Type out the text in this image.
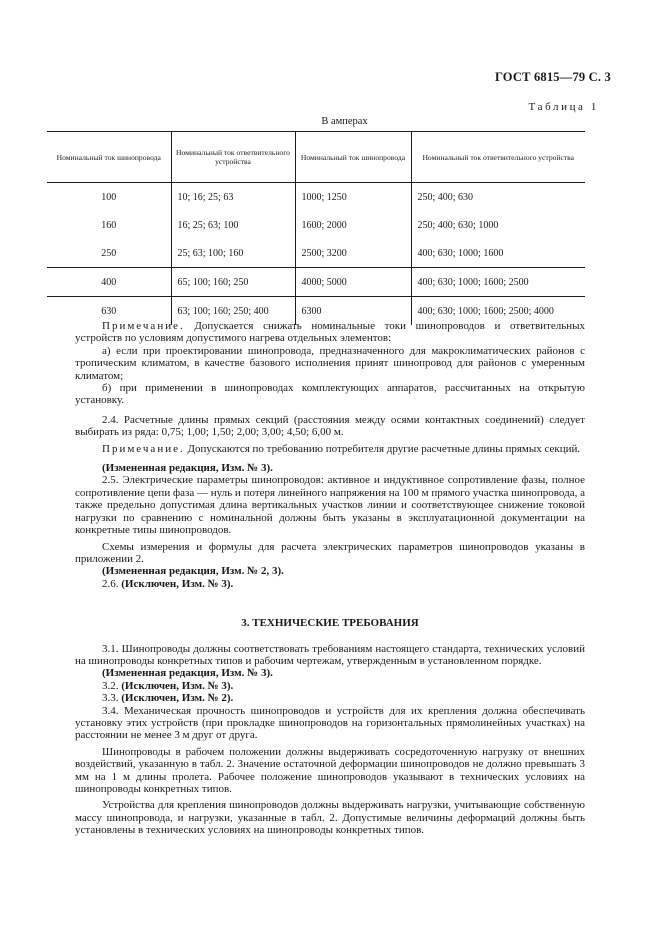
ГОСТ 6815—79 С. 3
Таблица 1
В амперах
Номинальный ток шинопровода	Номинальный ток ответвительного устройства	Номинальный ток шинопровода	Номинальный ток ответвительного устройства
100	10; 16; 25; 63	1000; 1250	250; 400; 630
160	16; 25; 63; 100	1600; 2000	250; 400; 630; 1000
250	25; 63; 100; 160	2500; 3200	400; 630; 1000; 1600
400	65; 100; 160; 250	4000; 5000	400; 630; 1000; 1600; 2500
630	63; 100; 160; 250; 400	6300	400; 630; 1000; 1600; 2500; 4000

Примечание. Допускается снижать номинальные токи шинопроводов и ответвительных устройств по условиям допустимого нагрева отдельных элементов:

а) если при проектировании шинопровода, предназначенного для макроклиматических районов с тропическим климатом, в качестве базового исполнения принят шинопровод для районов с умеренным климатом;

б) при применении в шинопроводах комплектующих аппаратов, рассчитанных на открытую установку.

2.4. Расчетные длины прямых секций (расстояния между осями контактных соединений) следует выбирать из ряда: 0,75; 1,00; 1,50; 2,00; 3,00; 4,50; 6,00 м.

Примечание. Допускаются по требованию потребителя другие расчетные длины прямых секций.

(Измененная редакция, Изм. № 3).

2.5. Электрические параметры шинопроводов: активное и индуктивное сопротивление фазы, полное сопротивление цепи фаза — нуль и потеря линейного напряжения на 100 м прямого участка шинопровода, а также предельно допустимая длина вертикальных участков линии и соответствующее снижение токовой нагрузки по сравнению с номинальной должны быть указаны в эксплуатационной документации на конкретные типы шинопроводов.

Схемы измерения и формулы для расчета электрических параметров шинопроводов указаны в приложении 2.

(Измененная редакция, Изм. № 2, 3).

2.6. (Исключен, Изм. № 3).

3. ТЕХНИЧЕСКИЕ ТРЕБОВАНИЯ

3.1. Шинопроводы должны соответствовать требованиям настоящего стандарта, технических условий на шинопроводы конкретных типов и рабочим чертежам, утвержденным в установленном порядке.

(Измененная редакция, Изм. № 3).

3.2. (Исключен, Изм. № 3).

3.3. (Исключен, Изм. № 2).

3.4. Механическая прочность шинопроводов и устройств для их крепления должна обеспечивать установку этих устройств (при прокладке шинопроводов на горизонтальных прямолинейных участках) на расстоянии не менее 3 м друг от друга.

Шинопроводы в рабочем положении должны выдерживать сосредоточенную нагрузку от внешних воздействий, указанную в табл. 2. Значение остаточной деформации шинопроводов не должно превышать 3 мм на 1 м длины пролета. Рабочее положение шинопроводов указывают в технических условиях на шинопроводы конкретных типов.

Устройства для крепления шинопроводов должны выдерживать нагрузки, учитывающие собственную массу шинопровода, и нагрузки, указанные в табл. 2. Допустимые величины деформаций должны быть установлены в технических условиях на шинопроводы конкретных типов.
